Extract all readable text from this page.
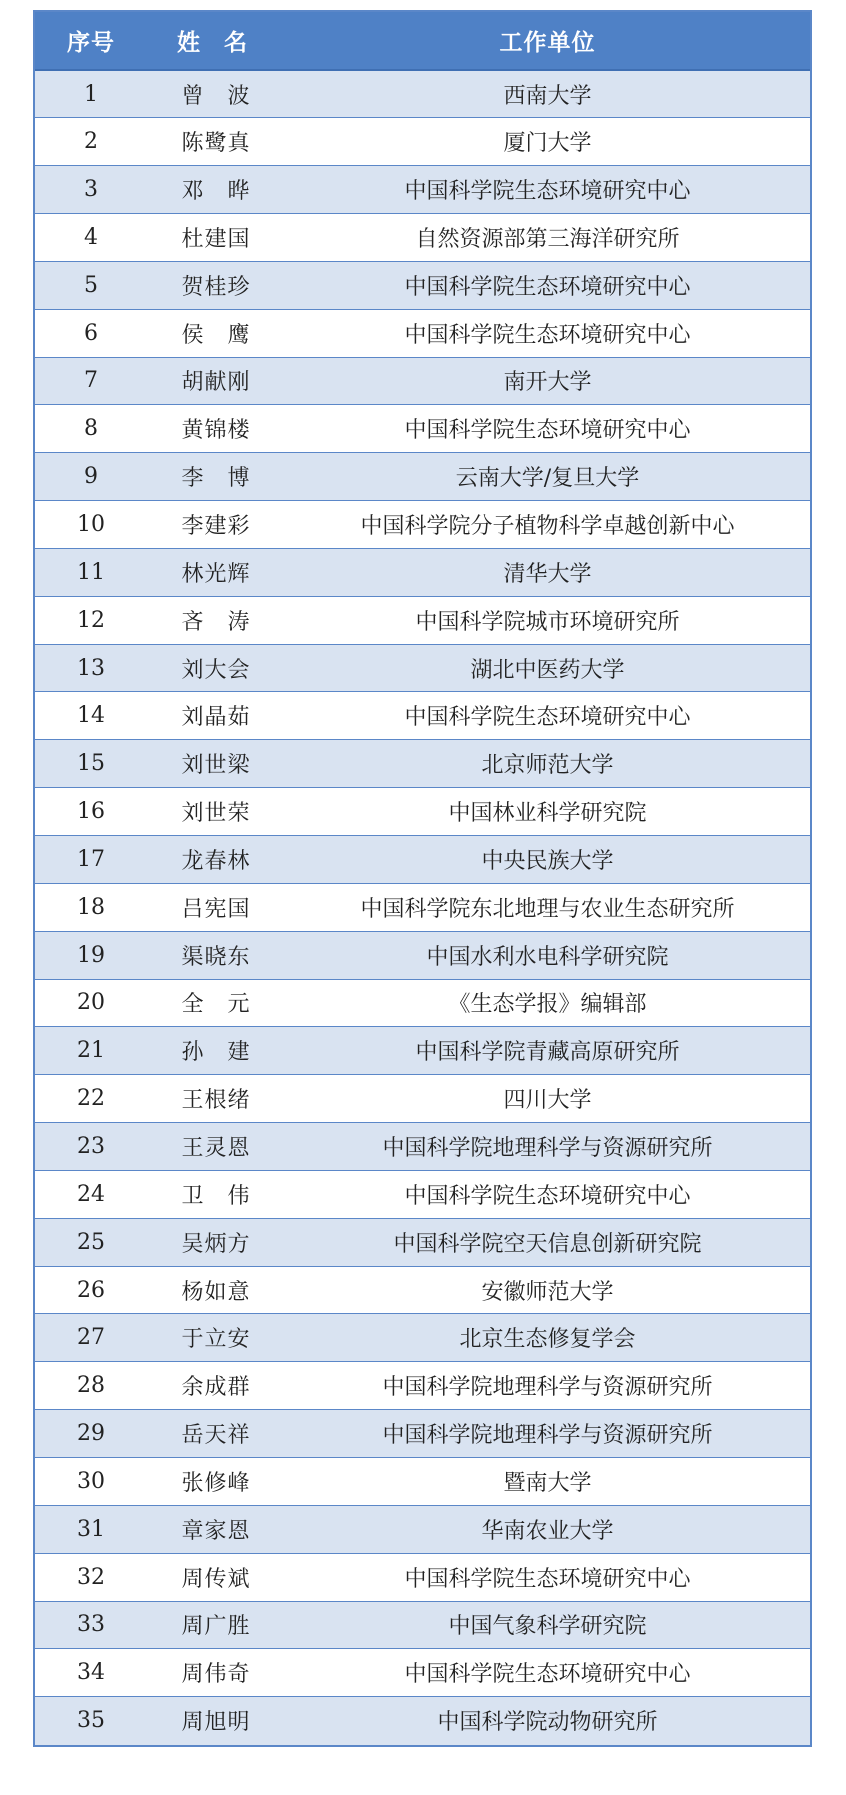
序号	姓 名	工作单位
1	曾　波	西南大学
2	陈鹭真	厦门大学
3	邓　晔	中国科学院生态环境研究中心
4	杜建国	自然资源部第三海洋研究所
5	贺桂珍	中国科学院生态环境研究中心
6	侯　鹰	中国科学院生态环境研究中心
7	胡献刚	南开大学
8	黄锦楼	中国科学院生态环境研究中心
9	李　博	云南大学/复旦大学
10	李建彩	中国科学院分子植物科学卓越创新中心
11	林光辉	清华大学
12	吝　涛	中国科学院城市环境研究所
13	刘大会	湖北中医药大学
14	刘晶茹	中国科学院生态环境研究中心
15	刘世梁	北京师范大学
16	刘世荣	中国林业科学研究院
17	龙春林	中央民族大学
18	吕宪国	中国科学院东北地理与农业生态研究所
19	渠晓东	中国水利水电科学研究院
20	全　元	《生态学报》编辑部
21	孙　建	中国科学院青藏高原研究所
22	王根绪	四川大学
23	王灵恩	中国科学院地理科学与资源研究所
24	卫　伟	中国科学院生态环境研究中心
25	吴炳方	中国科学院空天信息创新研究院
26	杨如意	安徽师范大学
27	于立安	北京生态修复学会
28	余成群	中国科学院地理科学与资源研究所
29	岳天祥	中国科学院地理科学与资源研究所
30	张修峰	暨南大学
31	章家恩	华南农业大学
32	周传斌	中国科学院生态环境研究中心
33	周广胜	中国气象科学研究院
34	周伟奇	中国科学院生态环境研究中心
35	周旭明	中国科学院动物研究所
